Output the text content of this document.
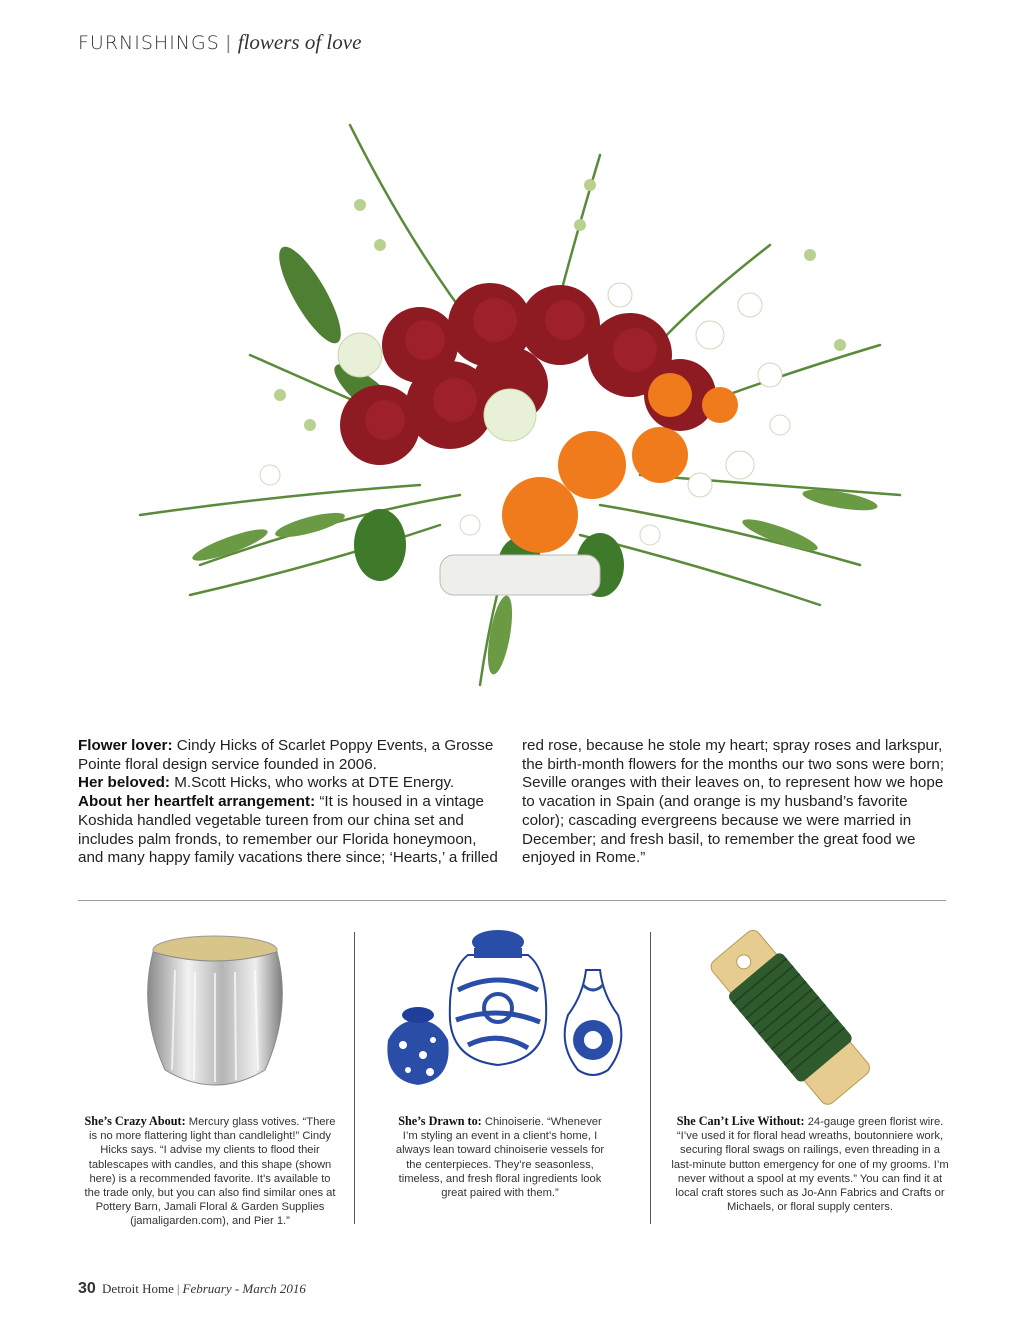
FURNISHINGS | flowers of love
Flower lover: Cindy Hicks of Scarlet Poppy Events, a Grosse Pointe floral design service founded in 2006.
Her beloved: M.Scott Hicks, who works at DTE Energy.
About her heartfelt arrangement: “It is housed in a vintage Koshida handled vegetable tureen from our china set and includes palm fronds, to remember our Florida honeymoon, and many happy family vacations there since; ‘Hearts,’ a frilled
red rose, because he stole my heart; spray roses and larkspur, the birth-month flowers for the months our two sons were born; Seville oranges with their leaves on, to represent how we hope to vacation in Spain (and orange is my husband’s favorite color); cascading evergreens because we were married in December; and fresh basil, to remember the great food we enjoyed in Rome.”
She’s Crazy About: Mercury glass votives. “There is no more flattering light than candlelight!” Cindy Hicks says. “I advise my clients to flood their tablescapes with candles, and this shape (shown here) is a recommended favorite. It’s available to the trade only, but you can also find similar ones at Pottery Barn, Jamali Floral & Garden Supplies (jamaligarden.com), and Pier 1.”
She’s Drawn to: Chinoiserie. “Whenever I’m styling an event in a client’s home, I always lean toward chinoiserie vessels for the centerpieces. They’re seasonless, timeless, and fresh floral ingredients look great paired with them.”
She Can’t Live Without: 24-gauge green florist wire. “I’ve used it for floral head wreaths, boutonniere work, securing floral swags on railings, even threading in a last-minute button emergency for one of my grooms. I’m never without a spool at my events.” You can find it at local craft stores such as Jo-Ann Fabrics and Crafts or Michaels, or floral supply centers.
30 Detroit Home | February - March 2016
